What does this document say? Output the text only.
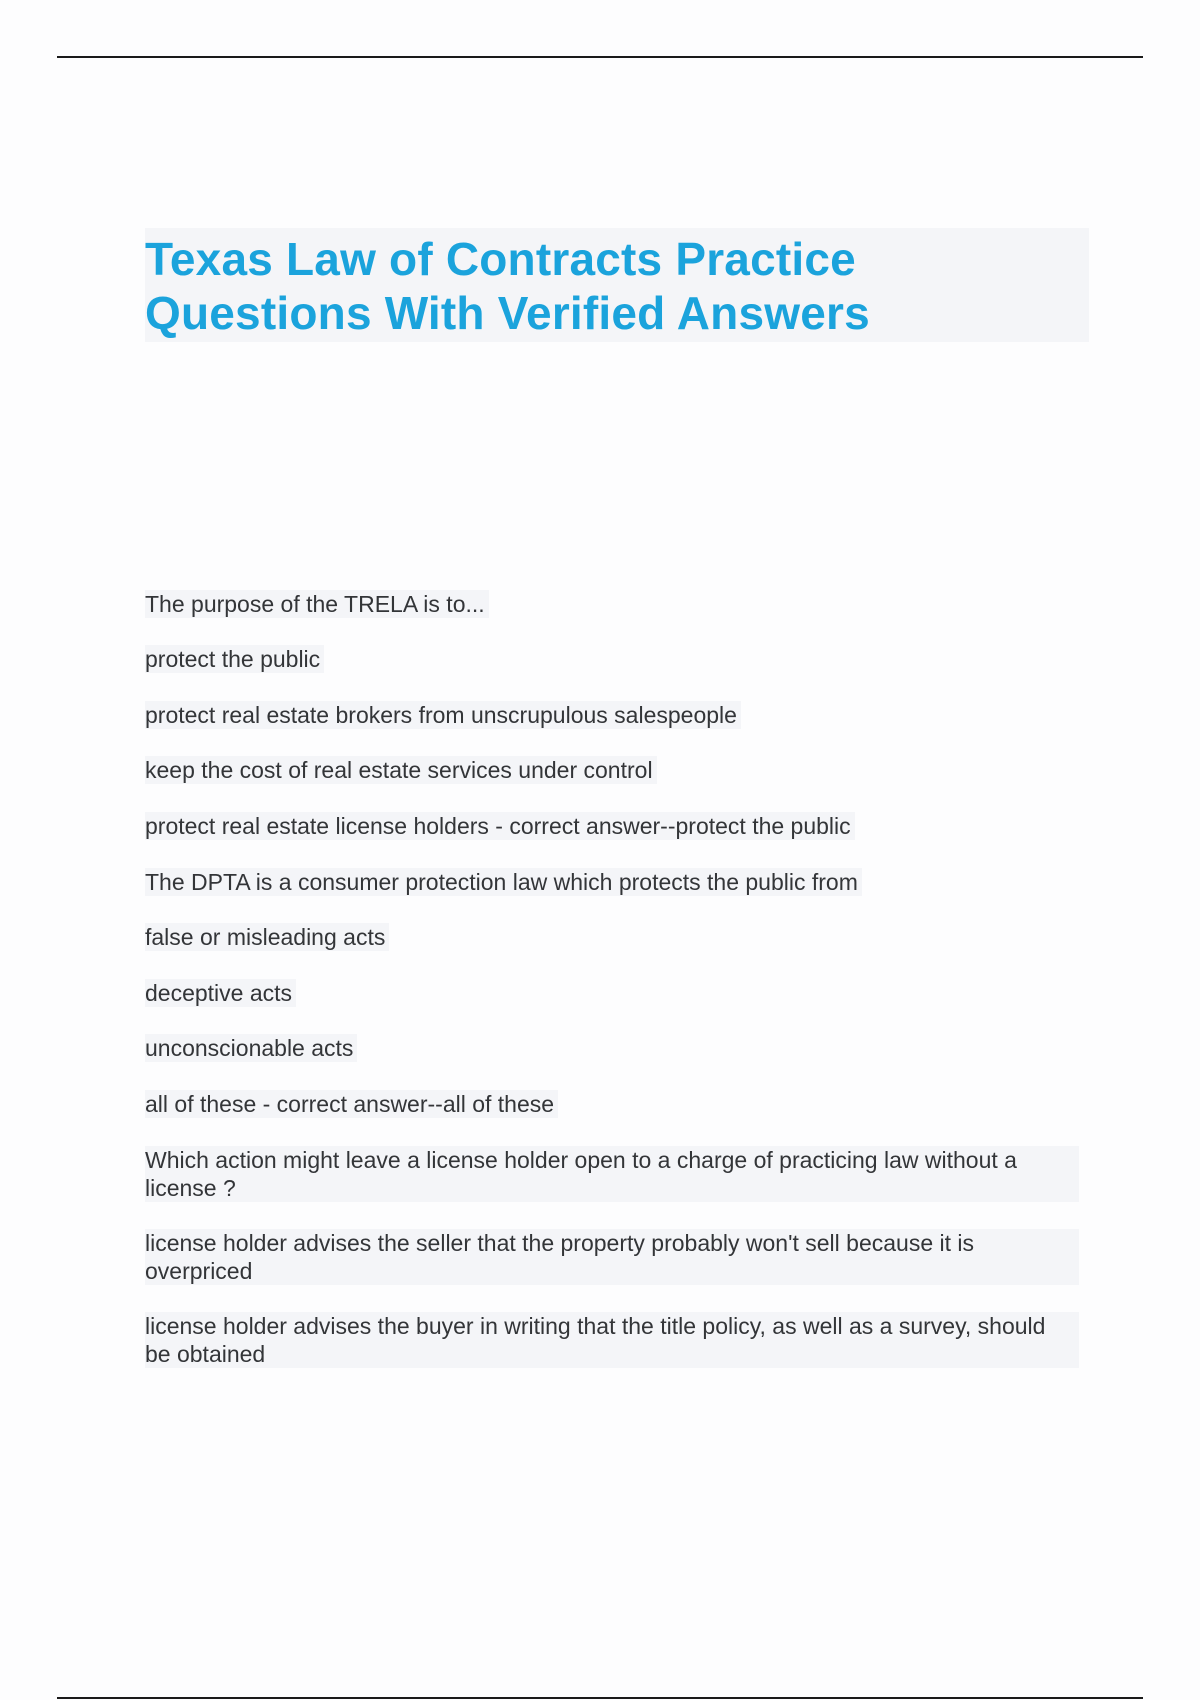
Texas Law of Contracts Practice Questions With Verified Answers
The purpose of the TRELA is to...
protect the public
protect real estate brokers from unscrupulous salespeople
keep the cost of real estate services under control
protect real estate license holders - correct answer--protect the public
The DPTA is a consumer protection law which protects the public from
false or misleading acts
deceptive acts
unconscionable acts
all of these - correct answer--all of these
Which action might leave a license holder open to a charge of practicing law without a license ?
license holder advises the seller that the property probably won't sell because it is overpriced
license holder advises the buyer in writing that the title policy, as well as a survey, should be obtained
